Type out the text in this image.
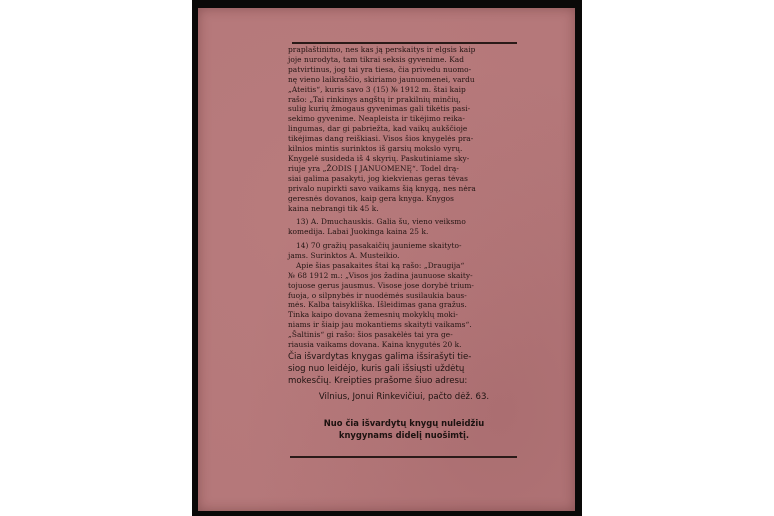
praplaštinimo, nes kas ją perskaitys ir elgsis kaip

joje nurodyta, tam tikrai seksis gyvenime. Kad

patvirtinus, jog tai yra tiesa, čia privedu nuomo-

nę vieno laikraščio, skiriamo jaunuomenei, vardu

„Ateitis“, kuris savo 3 (15) № 1912 m. štai kaip

rašo: „Tai rinkinys angštų ir prakilnių minčių,

sulig kurių žmogaus gyvenimas gali tikėtis pasi-

sekimo gyvenime. Neapleista ir tikėjimo reika-

lingumas, dar gi pabriežta, kad vaikų aukščioje

tikėjimas dang reiškiasi. Visos šios knygelės pra-

kilnios mintis surinktos iš garsių mokslo vyrų.

Knygelė susideda iš 4 skyrių. Paskutiniame sky-

riuje yra „ŽODIS Į JANUOMENĘ“. Todel drą-

siai galima pasakyti, jog kiekvienas geras tėvas

privalo nupirkti savo vaikams šią knygą, nes nėra

geresnės dovanos, kaip gera knyga. Knygos

kaina nebrangi tik 45 k.

13) A. Dmuchauskis. Galia šu, vieno veiksmo

komedija. Labai Juokinga kaina 25 k.

14) 70 gražių pasakaičių jaunieme skaityto-

jams. Surinktos A. Musteikio.

Apie šias pasakaites štai ką rašo: „Draugija“

№ 68 1912 m.: „Visos jos žadina jaunuose skaity-

tojuose gerus jausmus. Visose jose dorybė trium-

fuoja, o silpnybės ir nuodėmės susilaukia baus-

mės. Kalba taisykliška. Išleidimas gana gražus.

Tinka kaipo dovana žemesnių mokyklų moki-

niams ir šiaip jau mokantiems skaityti vaikams“.

„Šaltinis“ gi rašo: šios pasakėlės tai yra ge-

riausia vaikams dovana. Kaina knygutės 20 k.

Čia išvardytas knygas galima išsirašyti tie-

siog nuo leidėjo, kuris gali išsiųsti uždėtų

mokesčių. Kreipties prašome šiuo adresu:

Vilnius, Jonui Rinkevičiui, pačto dėž. 63.

Nuo čia išvardytų knygų nuleidžiu

knygynams didelį nuošimtį.
